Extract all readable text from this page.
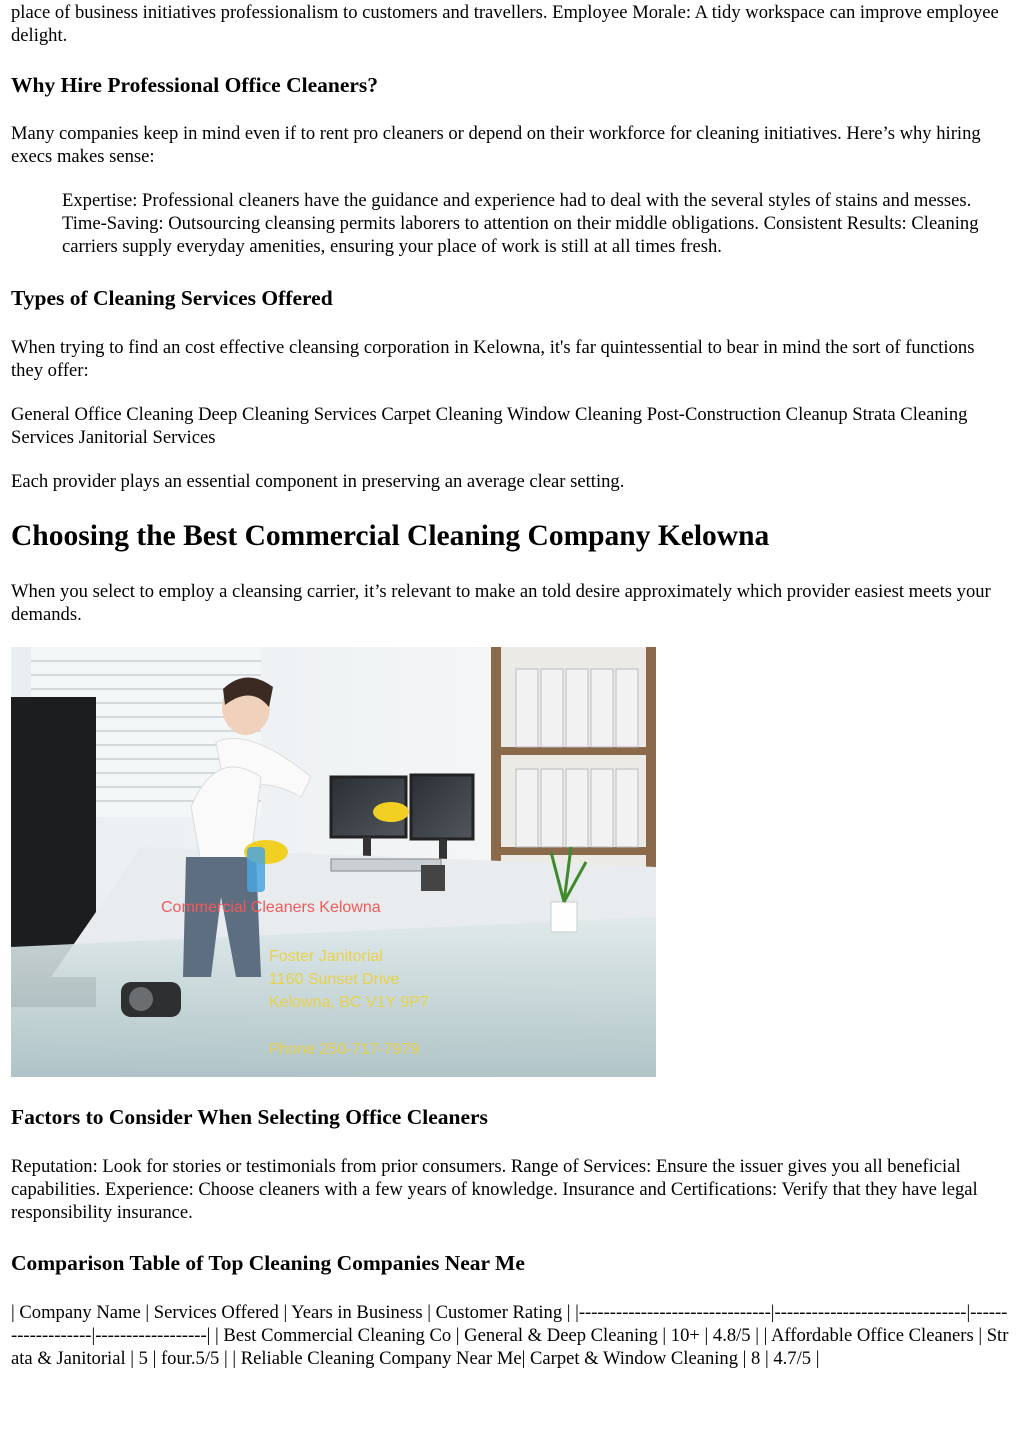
place of business initiatives professionalism to customers and travellers. Employee Morale: A tidy workspace can improve employee delight.

Why Hire Professional Office Cleaners?

Many companies keep in mind even if to rent pro cleaners or depend on their workforce for cleaning initiatives. Here’s why hiring execs makes sense:

Expertise: Professional cleaners have the guidance and experience had to deal with the several styles of stains and messes. Time-Saving: Outsourcing cleansing permits laborers to attention on their middle obligations. Consistent Results: Cleaning carriers supply everyday amenities, ensuring your place of work is still at all times fresh.
Types of Cleaning Services Offered

When trying to find an cost effective cleansing corporation in Kelowna, it's far quintessential to bear in mind the sort of functions they offer:

General Office Cleaning Deep Cleaning Services Carpet Cleaning Window Cleaning Post-Construction Cleanup Strata Cleaning Services Janitorial Services

Each provider plays an essential component in preserving an average clear setting.

Choosing the Best Commercial Cleaning Company Kelowna

When you select to employ a cleansing carrier, it’s relevant to make an told desire approximately which provider easiest meets your demands.

Commercial Cleaners Kelowna
Foster Janitorial
1160 Sunset Drive
Kelowna, BC V1Y 9P7
Phone 250-717-7979
Factors to Consider When Selecting Office Cleaners

Reputation: Look for stories or testimonials from prior consumers. Range of Services: Ensure the issuer gives you all beneficial capabilities. Experience: Choose cleaners with a few years of knowledge. Insurance and Certifications: Verify that they have legal responsibility insurance.

Comparison Table of Top Cleaning Companies Near Me

| Company Name | Services Offered | Years in Business | Customer Rating | |-------------------------------|-------------------------------|-------------------|------------------| | Best Commercial Cleaning Co | General & Deep Cleaning | 10+ | 4.8/5 | | Affordable Office Cleaners | Strata & Janitorial | 5 | four.5/5 | | Reliable Cleaning Company Near Me| Carpet & Window Cleaning | 8 | 4.7/5 |
